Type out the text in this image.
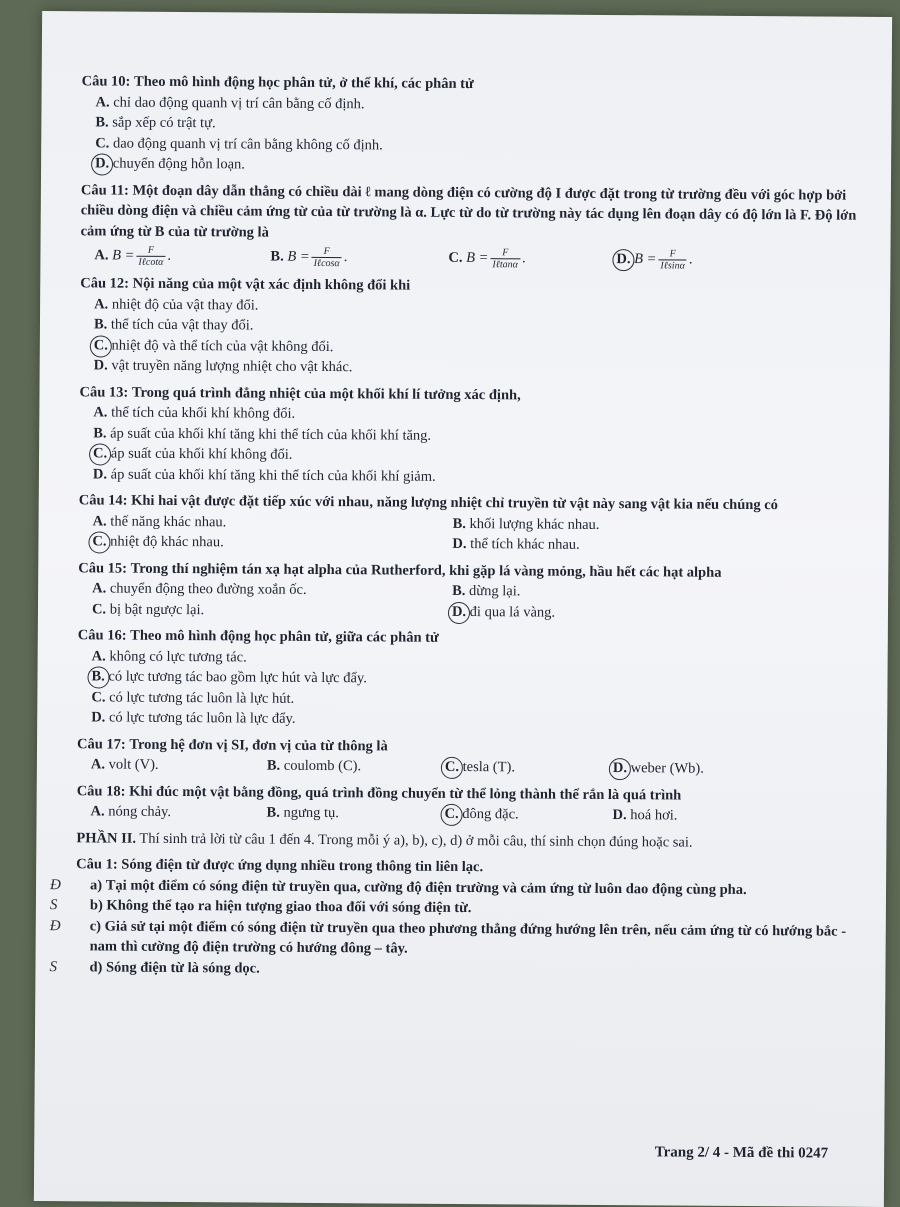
Câu 10: Theo mô hình động học phân tử, ở thể khí, các phân tử

A. chỉ dao động quanh vị trí cân bằng cố định.

B. sắp xếp có trật tự.

C. dao động quanh vị trí cân bằng không cố định.

D. chuyển động hỗn loạn.

Câu 11: Một đoạn dây dẫn thẳng có chiều dài ℓ mang dòng điện có cường độ I được đặt trong từ trường đều với góc hợp bởi chiều dòng điện và chiều cảm ứng từ của từ trường là α. Lực từ do từ trường này tác dụng lên đoạn dây có độ lớn là F. Độ lớn cảm ứng từ B của từ trường là

A. $B = \frac{F}{\text{Iℓcotα}}$ .	B. $B = \frac{F}{\text{Iℓcosα}}$ .	C. $B = \frac{F}{\text{Iℓtanα}}$ .	D. $B = \frac{F}{\text{Iℓsinα}}$ .

Câu 12: Nội năng của một vật xác định không đổi khi

A. nhiệt độ của vật thay đổi.

B. thể tích của vật thay đổi.

C. nhiệt độ và thể tích của vật không đổi.

D. vật truyền năng lượng nhiệt cho vật khác.

Câu 13: Trong quá trình đẳng nhiệt của một khối khí lí tưởng xác định,

A. thể tích của khối khí không đổi.

B. áp suất của khối khí tăng khi thể tích của khối khí tăng.

C. áp suất của khối khí không đổi.

D. áp suất của khối khí tăng khi thể tích của khối khí giảm.

Câu 14: Khi hai vật được đặt tiếp xúc với nhau, năng lượng nhiệt chỉ truyền từ vật này sang vật kia nếu chúng có

A. thế năng khác nhau.	B. khối lượng khác nhau.
C. nhiệt độ khác nhau.	D. thể tích khác nhau.

Câu 15: Trong thí nghiệm tán xạ hạt alpha của Rutherford, khi gặp lá vàng mỏng, hầu hết các hạt alpha

A. chuyển động theo đường xoắn ốc.	B. dừng lại.
C. bị bật ngược lại.	D. đi qua lá vàng.

Câu 16: Theo mô hình động học phân tử, giữa các phân tử

A. không có lực tương tác.

B. có lực tương tác bao gồm lực hút và lực đẩy.

C. có lực tương tác luôn là lực hút.

D. có lực tương tác luôn là lực đẩy.

Câu 17: Trong hệ đơn vị SI, đơn vị của từ thông là

A. volt (V).	B. coulomb (C).	C. tesla (T).	D. weber (Wb).

Câu 18: Khi đúc một vật bằng đồng, quá trình đồng chuyển từ thể lỏng thành thể rắn là quá trình

A. nóng chảy.	B. ngưng tụ.	C. đông đặc.	D. hoá hơi.

PHẦN II. Thí sinh trả lời từ câu 1 đến 4. Trong mỗi ý a), b), c), d) ở mỗi câu, thí sinh chọn đúng hoặc sai.

Câu 1: Sóng điện từ được ứng dụng nhiều trong thông tin liên lạc.

Đ a) Tại một điểm có sóng điện từ truyền qua, cường độ điện trường và cảm ứng từ luôn dao động cùng pha.

S b) Không thể tạo ra hiện tượng giao thoa đối với sóng điện từ.

Đ c) Giả sử tại một điểm có sóng điện từ truyền qua theo phương thẳng đứng hướng lên trên, nếu cảm ứng từ có hướng bắc - nam thì cường độ điện trường có hướng đông – tây.

S d) Sóng điện từ là sóng dọc.

Trang 2/ 4 - Mã đề thi 0247
